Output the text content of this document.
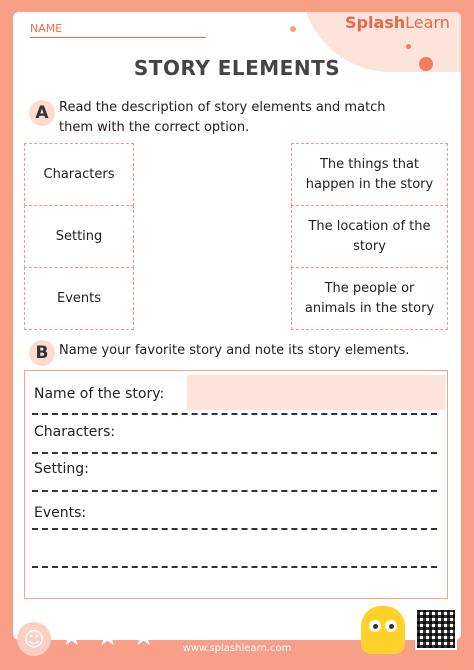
NAME	SplashLearn
STORY ELEMENTS
A Read the description of story elements and match
them with the correct option.
Characters
Setting
Events
The things that
happen in the story
The location of the
story
The people or
animals in the story
B Name your favorite story and note its story elements.
Name of the story:
Characters:
Setting:
Events:
☺ ★ ★ ★	www.splashlearn.com
